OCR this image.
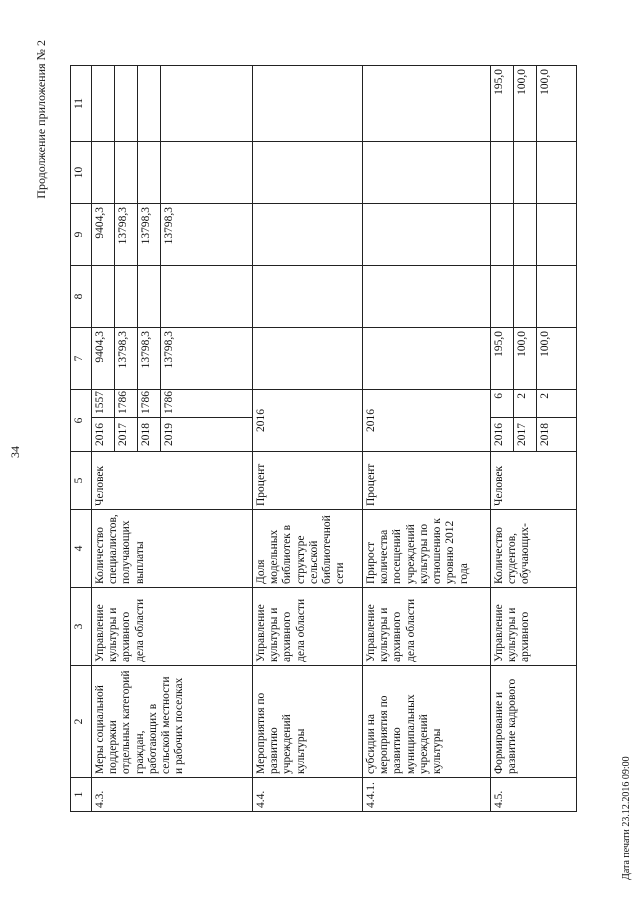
34
Продолжение приложения № 2
1	2	3	4	5	6		7	8	9	10	11
4.3.	Меры социальной поддержки отдельных категорий граждан, работающих в сельской местности и рабочих поселках	Управление культуры и архивного дела области	Количество специалистов, получающих выплаты	Человек	2016	1557	9404,3		9404,3		
					2017	1786	13798,3		13798,3		
					2018	1786	13798,3		13798,3		
					2019	1786	13798,3		13798,3		
4.4.	Мероприятия по развитию учреждений культуры	Управление культуры и архивного дела области	Доля модельных библиотек в структуре сельской библиотечной сети	Процент	2016						
4.4.1.	субсидии на мероприятия по развитию муниципальных учреждений культуры	Управление культуры и архивного дела области	Прирост количества посещений учреждений культуры по отношению к уровню 2012 года	Процент	2016						
4.5.	Формирование и развитие кадрового	Управление культуры и архивного	Количество студентов, обучающих-	Человек	2016	6	195,0				195,0
					2017	2	100,0				100,0
					2018	2	100,0				100,0
Дата печати 23.12.2016 09:00
